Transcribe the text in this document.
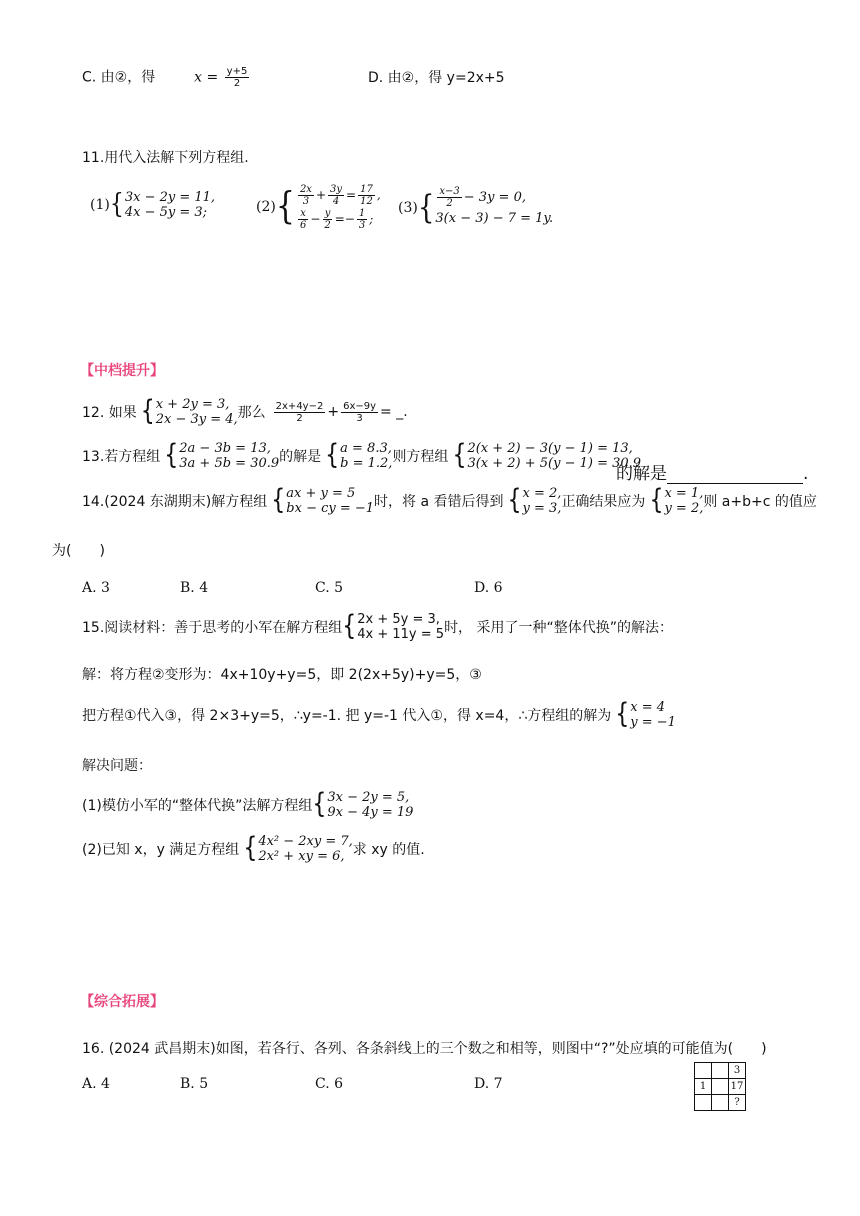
C. 由②，得	$x = \frac{y+5}{2}$	D. 由②，得 y=2x+5
11.用代入法解下列方程组.
(1) { 3x − 2y = 11,
4x − 5y = 3;	(2) { $\frac{2x}{3} + \frac{3y}{4} = \frac{17}{12}$ ,
$\frac{x}{6} - \frac{y}{2} =- \frac{1}{3}$ ;
(3) { $\frac{x-3}{2} - 3y = 0$,
3(x − 3) − 7 = 1y.
【中档提升】
12. 如果 { x + 2y = 3,
2x − 3y = 4, 那么 $\frac{2x+4y-2}{2} + \frac{6x-9y}{3}$ = _.
13.若方程组 { 2a − 3b = 13,
3a + 5b = 30.9 的解是 { a = 8.3,
b = 1.2, 则方程组 { 2(x + 2) − 3(y − 1) = 13,
3(x + 2) + 5(y − 1) = 30.9
的解是	.
14.(2024 东湖期末)解方程组 { ax + y = 5
bx − cy = −1 时，将 a 看错后得到 { x = 2,
y = 3, 正确结果应为 { x = 1,
y = 2, 则 a+b+c 的值应
为(　　)
A. 3	B. 4	C. 5	D. 6
15.阅读材料：善于思考的小军在解方程组 { 2x + 5y = 3,
4x + 11y = 5 时， 采用了一种“整体代换”的解法：
解：将方程②变形为：4x+10y+y=5，即 2(2x+5y)+y=5，③
把方程①代入③，得 2×3+y=5，∴y=-1. 把 y=-1 代入①，得 x=4，∴方程组的解为 { x = 4
y = −1
解决问题：
(1)模仿小军的“整体代换”法解方程组 { 3x − 2y = 5,
9x − 4y = 19
(2)已知 x，y 满足方程组 { 4x² − 2xy = 7,
2x² + xy = 6, 求 xy 的值.
【综合拓展】
16. (2024 武昌期末)如图，若各行、各列、各条斜线上的三个数之和相等，则图中“?”处应填的可能值为(　　)
A. 4	B. 5	C. 6	D. 7
		3
1		17
		?
